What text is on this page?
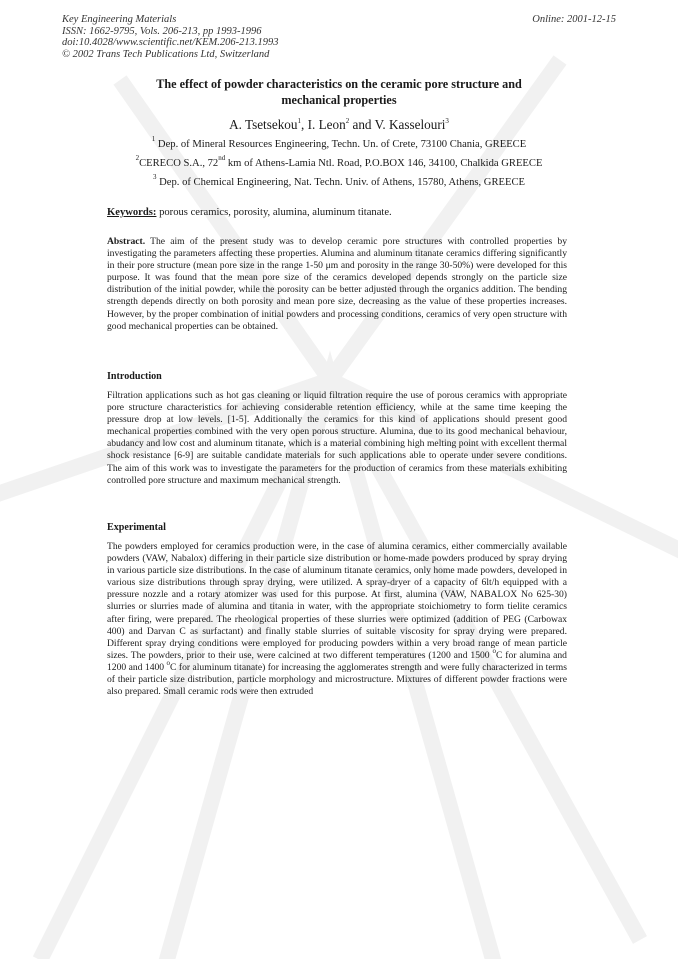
Key Engineering Materials
ISSN: 1662-9795, Vols. 206-213, pp 1993-1996
doi:10.4028/www.scientific.net/KEM.206-213.1993
© 2002 Trans Tech Publications Ltd, Switzerland
Online: 2001-12-15
The effect of powder characteristics on the ceramic pore structure and
mechanical properties
A. Tsetsekou$^1$, I. Leon$^2$ and V. Kasselouri$^3$
$^1$ Dep. of Mineral Resources Engineering, Techn. Un. of Crete, 73100 Chania, GREECE
$^2$CERECO S.A., 72nd km of Athens-Lamia Ntl. Road, P.O.BOX 146, 34100, Chalkida GREECE
$^3$ Dep. of Chemical Engineering, Nat. Techn. Univ. of Athens, 15780, Athens, GREECE
Keywords: porous ceramics, porosity, alumina, aluminum titanate.
Abstract. The aim of the present study was to develop ceramic pore structures with controlled properties by investigating the parameters affecting these properties. Alumina and aluminum titanate ceramics differing significantly in their pore structure (mean pore size in the range 1-50 μm and porosity in the range 30-50%) were developed for this purpose. It was found that the mean pore size of the ceramics developed depends strongly on the particle size distribution of the initial powder, while the porosity can be better adjusted through the organics addition. The bending strength depends directly on both porosity and mean pore size, decreasing as the value of these properties increases. However, by the proper combination of initial powders and processing conditions, ceramics of very open structure with good mechanical properties can be obtained.
Introduction
Filtration applications such as hot gas cleaning or liquid filtration require the use of porous ceramics with appropriate pore structure characteristics for achieving considerable retention efficiency, while at the same time keeping the pressure drop at low levels. [1-5]. Additionally the ceramics for this kind of applications should present good mechanical properties combined with the very open porous structure. Alumina, due to its good mechanical behaviour, abudancy and low cost and aluminum titanate, which is a material combining high melting point with excellent thermal shock resistance [6-9] are suitable candidate materials for such applications able to operate under severe conditions. The aim of this work was to investigate the parameters for the production of ceramics from these materials exhibiting controlled pore structure and maximum mechanical strength.
Experimental
The powders employed for ceramics production were, in the case of alumina ceramics, either commercially available powders (VAW, Nabalox) differing in their particle size distribution or home-made powders produced by spray drying in various particle size distributions. In the case of aluminum titanate ceramics, only home made powders, developed in various size distributions through spray drying, were utilized. A spray-dryer of a capacity of 6lt/h equipped with a pressure nozzle and a rotary atomizer was used for this purpose. At first, alumina (VAW, NABALOX No 625-30) slurries or slurries made of alumina and titania in water, with the appropriate stoichiometry to form tielite ceramics after firing, were prepared. The rheological properties of these slurries were optimized (addition of PEG (Carbowax 400) and Darvan C as surfactant) and finally stable slurries of suitable viscosity for spray drying were prepared. Different spray drying conditions were employed for producing powders within a very broad range of mean particle sizes. The powders, prior to their use, were calcined at two different temperatures (1200 and 1500 $^o$C for alumina and 1200 and 1400 $^o$C for aluminum titanate) for increasing the agglomerates strength and were fully characterized in terms of their particle size distribution, particle morphology and microstructure. Mixtures of different powder fractions were also prepared. Small ceramic rods were then extruded
